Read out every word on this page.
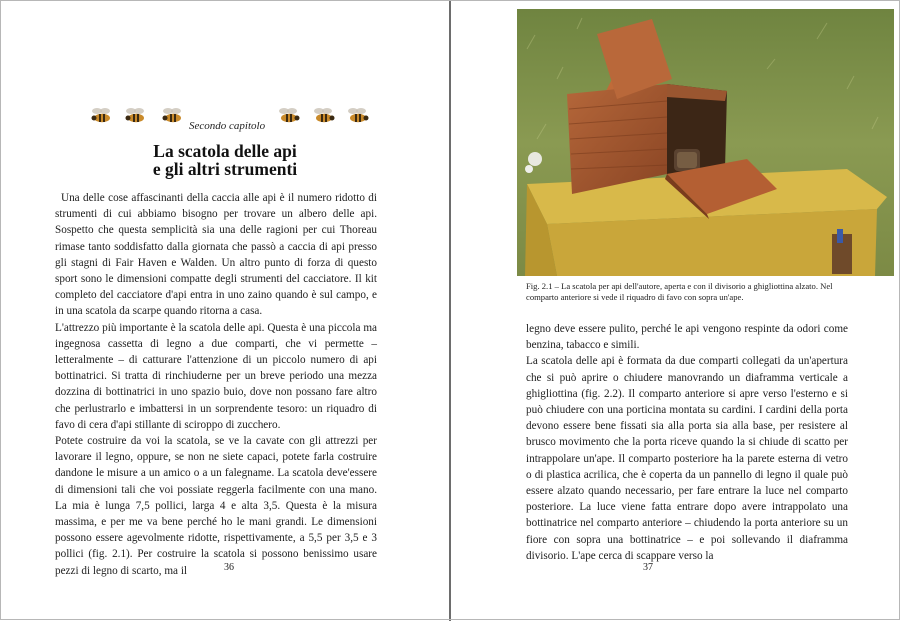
Secondo capitolo
La scatola delle api
e gli altri strumenti

Una delle cose affascinanti della caccia alle api è il numero ridotto di strumenti di cui abbiamo bisogno per trovare un albero delle api. Sospetto che questa semplicità sia una delle ragioni per cui Thoreau rimase tanto soddisfatto dalla giornata che passò a caccia di api presso gli stagni di Fair Haven e Walden. Un altro punto di forza di questo sport sono le dimensioni compatte degli strumenti del cacciatore. Il kit completo del cacciatore d'api entra in uno zaino quando è sul campo, e in una scatola da scarpe quando ritorna a casa.

L'attrezzo più importante è la scatola delle api. Questa è una piccola ma ingegnosa cassetta di legno a due comparti, che vi permette – letteralmente – di catturare l'attenzione di un piccolo numero di api bottinatrici. Si tratta di rinchiuderne per un breve periodo una mezza dozzina di bottinatrici in uno spazio buio, dove non possano fare altro che perlustrarlo e imbattersi in un sorprendente tesoro: un riquadro di favo di cera d'api stillante di sciroppo di zucchero.

Potete costruire da voi la scatola, se ve la cavate con gli attrezzi per lavorare il legno, oppure, se non ne siete capaci, potete farla costruire dandone le misure a un amico o a un falegname. La scatola deve'essere di dimensioni tali che voi possiate reggerla facilmente con una mano. La mia è lunga 7,5 pollici, larga 4 e alta 3,5. Questa è la misura massima, e per me va bene perché ho le mani grandi. Le dimensioni possono essere agevolmente ridotte, rispettivamente, a 5,5 per 3,5 e 3 pollici (fig. 2.1). Per costruire la scatola si possono benissimo usare pezzi di legno di scarto, ma il	36
Fig. 2.1 – La scatola per api dell'autore, aperta e con il divisorio a ghigliottina alzato. Nel comparto anteriore si vede il riquadro di favo con sopra un'ape.

legno deve essere pulito, perché le api vengono respinte da odori come benzina, tabacco e simili.

La scatola delle api è formata da due comparti collegati da un'apertura che si può aprire o chiudere manovrando un diaframma verticale a ghigliottina (fig. 2.2). Il comparto anteriore si apre verso l'esterno e si può chiudere con una porticina montata su cardini. I cardini della porta devono essere bene fissati sia alla porta sia alla base, per resistere al brusco movimento che la porta riceve quando la si chiude di scatto per intrappolare un'ape. Il comparto posteriore ha la parete esterna di vetro o di plastica acrilica, che è coperta da un pannello di legno il quale può essere alzato quando necessario, per fare entrare la luce nel comparto posteriore. La luce viene fatta entrare dopo avere intrappolato una bottinatrice nel comparto anteriore – chiudendo la porta anteriore su un fiore con sopra una bottinatrice – e poi sollevando il diaframma divisorio. L'ape cerca di scappare verso la

37
